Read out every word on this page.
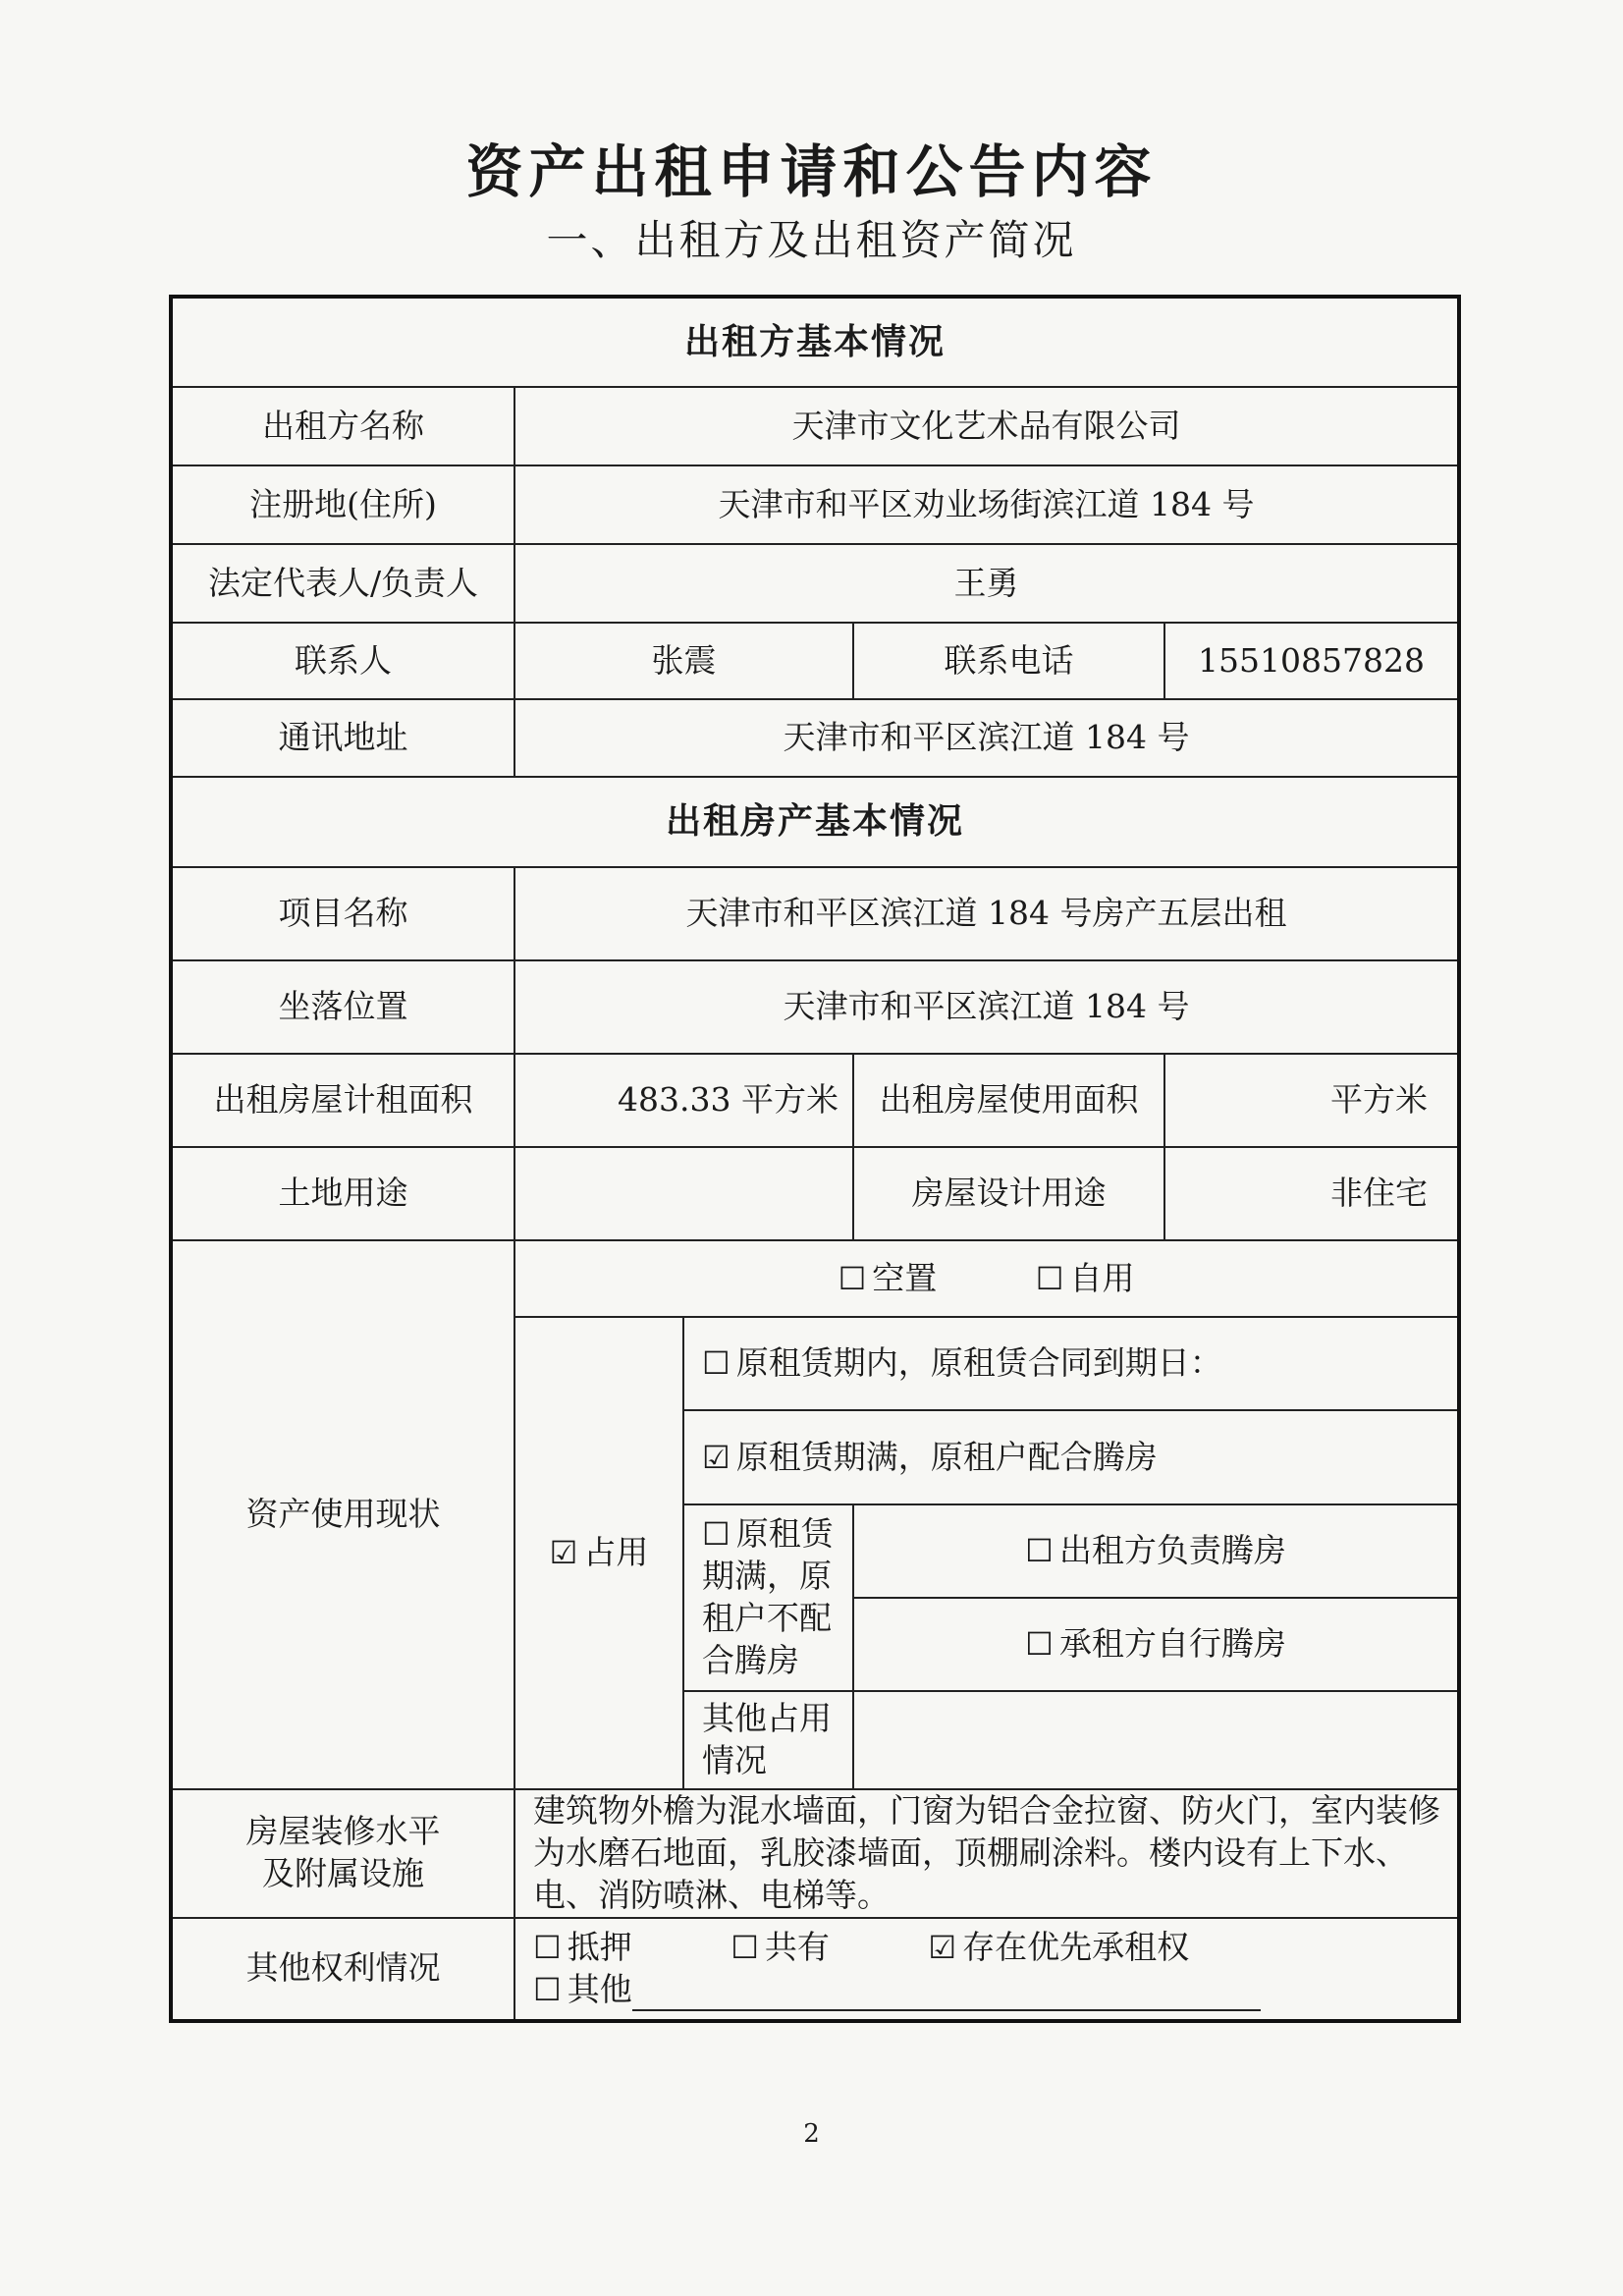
资产出租申请和公告内容
一、出租方及出租资产简况
出租方基本情况				
出租方名称	天津市文化艺术品有限公司			
注册地(住所)	天津市和平区劝业场街滨江道 184 号			
法定代表人/负责人	王勇			
联系人	张震		联系电话	15510857828
通讯地址	天津市和平区滨江道 184 号			
出租房产基本情况				
项目名称	天津市和平区滨江道 184 号房产五层出租			
坐落位置	天津市和平区滨江道 184 号			
出租房屋计租面积	483.33 平方米		出租房屋使用面积	平方米
土地用途			房屋设计用途	非住宅
资产使用现状	☐ 空置 ☐ 自用			
	☑ 占用	☐ 原租赁期内，原租赁合同到期日：		
		☑ 原租赁期满，原租户配合腾房		
		☐ 原租赁期满，原租户不配合腾房	☐ 出租方负责腾房	
			☐ 承租方自行腾房	
		其他占用情况		
房屋装修水平及附属设施	建筑物外檐为混水墙面，门窗为铝合金拉窗、防火门，室内装修为水磨石地面，乳胶漆墙面，顶棚刷涂料。楼内设有上下水、电、消防喷淋、电梯等。			
其他权利情况	☐ 抵押 ☐ 共有 ☑ 存在优先承租权
☐ 其他			
2
